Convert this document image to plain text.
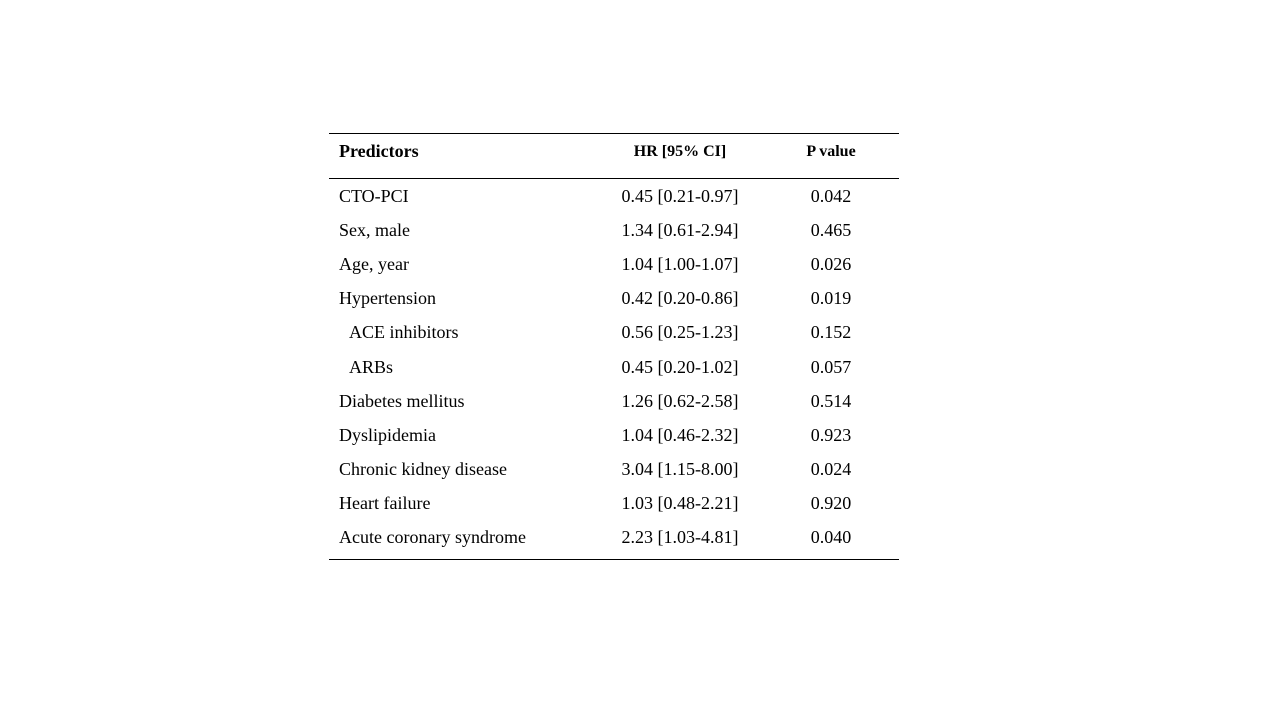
Predictors	HR [95% CI]	P value
CTO-PCI	0.45 [0.21-0.97]	0.042
Sex, male	1.34 [0.61-2.94]	0.465
Age, year	1.04 [1.00-1.07]	0.026
Hypertension	0.42 [0.20-0.86]	0.019
ACE inhibitors	0.56 [0.25-1.23]	0.152
ARBs	0.45 [0.20-1.02]	0.057
Diabetes mellitus	1.26 [0.62-2.58]	0.514
Dyslipidemia	1.04 [0.46-2.32]	0.923
Chronic kidney disease	3.04 [1.15-8.00]	0.024
Heart failure	1.03 [0.48-2.21]	0.920
Acute coronary syndrome	2.23 [1.03-4.81]	0.040
